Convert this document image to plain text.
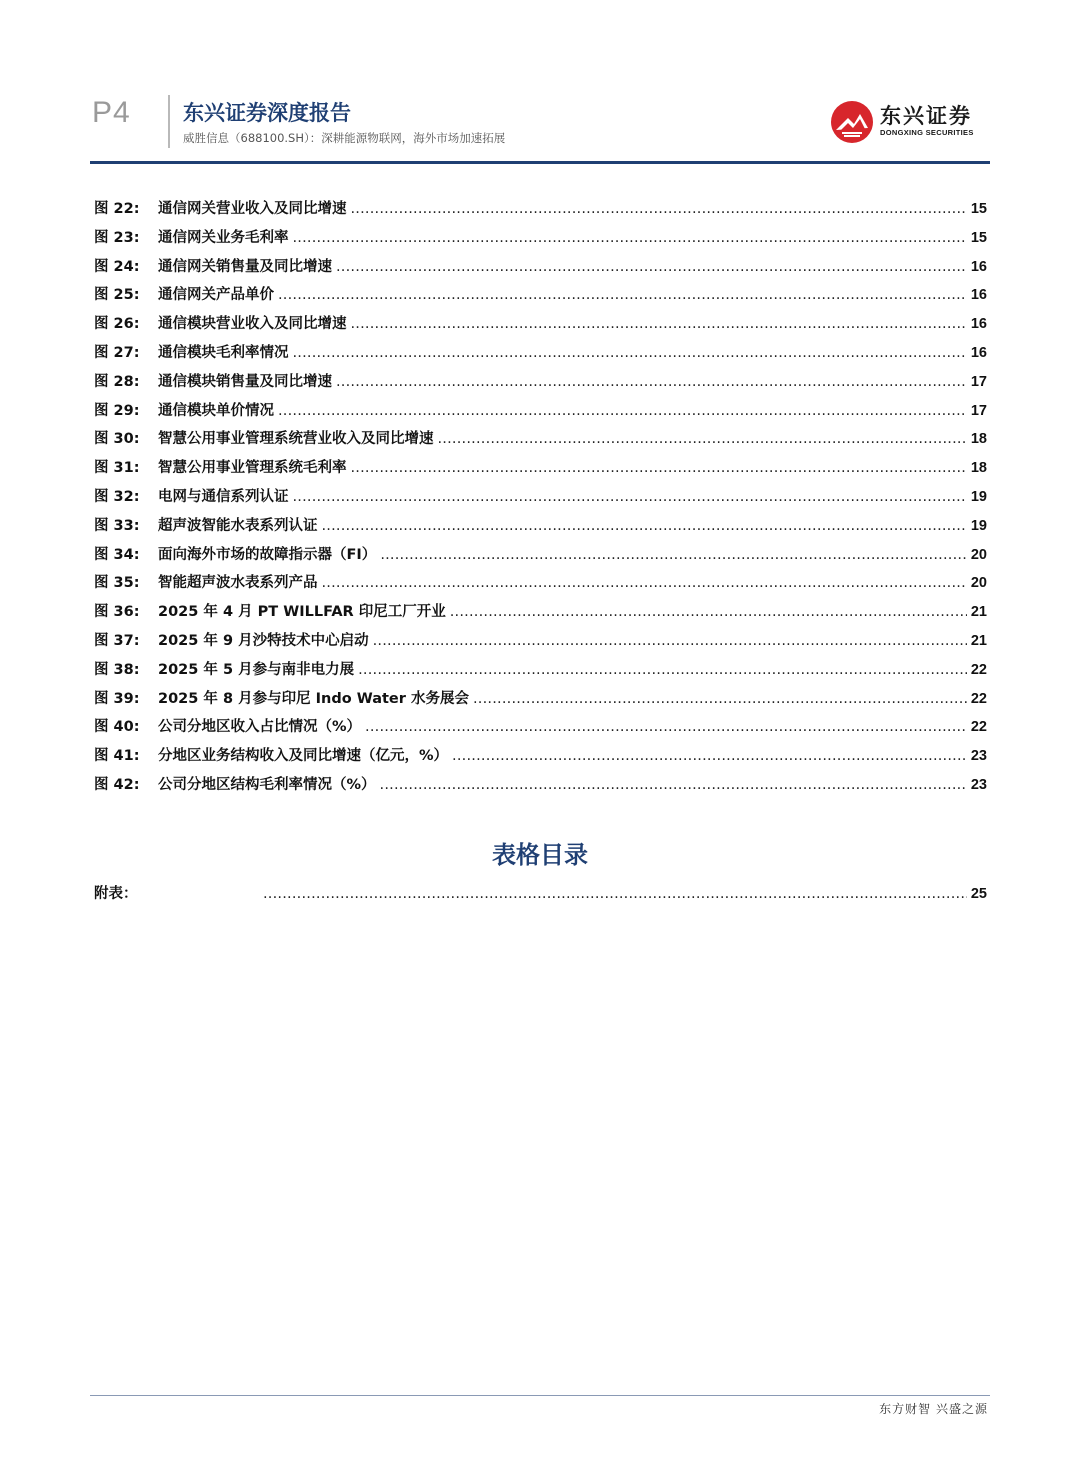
P4 东兴证券深度报告
威胜信息（688100.SH）：深耕能源物联网，海外市场加速拓展
东兴证券
DONGXING SECURITIES
图 22:	通信网关营业收入及同比增速 .....	15
图 23:	通信网关业务毛利率 .....	15
图 24:	通信网关销售量及同比增速 .....	16
图 25:	通信网关产品单价 .....	16
图 26:	通信模块营业收入及同比增速 .....	16
图 27:	通信模块毛利率情况 .....	16
图 28:	通信模块销售量及同比增速 .....	17
图 29:	通信模块单价情况 .....	17
图 30:	智慧公用事业管理系统营业收入及同比增速 .....	18
图 31:	智慧公用事业管理系统毛利率 .....	18
图 32:	电网与通信系列认证 .....	19
图 33:	超声波智能水表系列认证 .....	19
图 34:	面向海外市场的故障指示器（FI） .....	20
图 35:	智能超声波水表系列产品 .....	20
图 36:	2025 年 4 月 PT WILLFAR 印尼工厂开业 .....	21
图 37:	2025 年 9 月沙特技术中心启动 .....	21
图 38:	2025 年 5 月参与南非电力展 .....	22
图 39:	2025 年 8 月参与印尼 Indo Water 水务展会 .....	22
图 40:	公司分地区收入占比情况（%） .....	22
图 41:	分地区业务结构收入及同比增速（亿元，%） .....	23
图 42:	公司分地区结构毛利率情况（%） .....	23
表格目录
附表： .....	25
东方财智 兴盛之源
